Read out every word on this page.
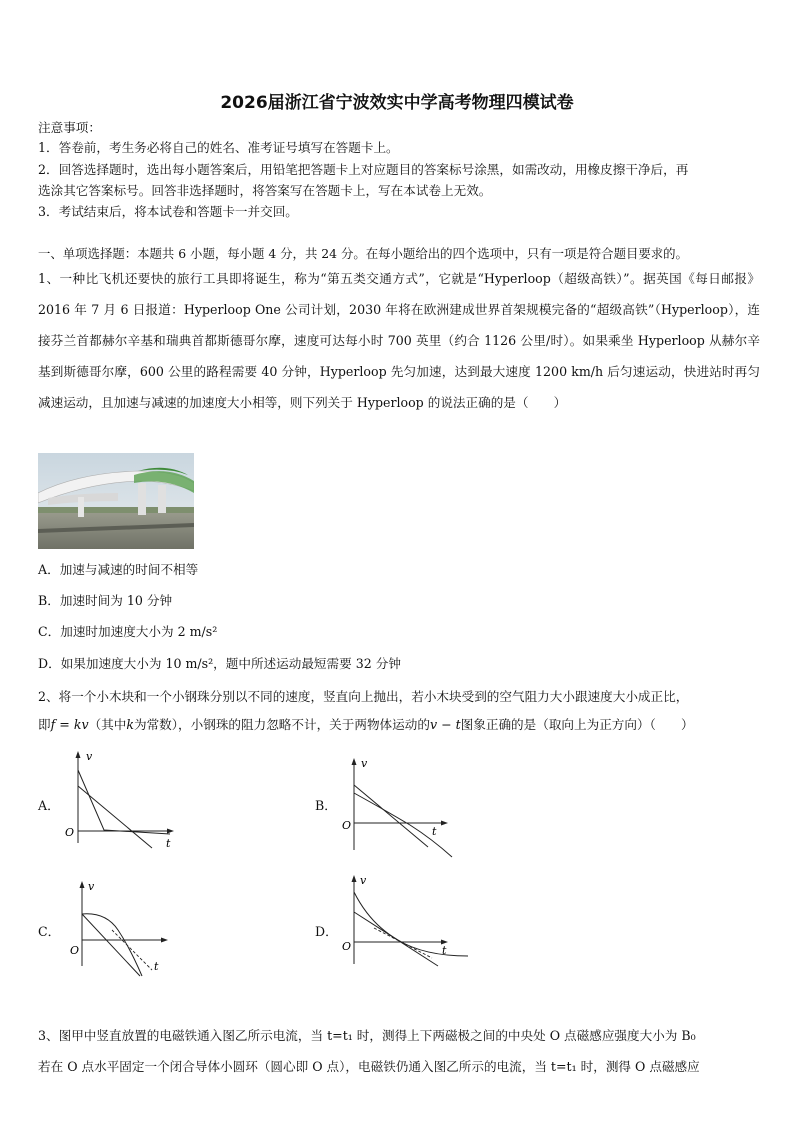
2026届浙江省宁波效实中学高考物理四模试卷
注意事项：
1．答卷前，考生务必将自己的姓名、准考证号填写在答题卡上。
2．回答选择题时，选出每小题答案后，用铅笔把答题卡上对应题目的答案标号涂黑，如需改动，用橡皮擦干净后，再
选涂其它答案标号。回答非选择题时，将答案写在答题卡上，写在本试卷上无效。
3．考试结束后，将本试卷和答题卡一并交回。
一、单项选择题：本题共 6 小题，每小题 4 分，共 24 分。在每小题给出的四个选项中，只有一项是符合题目要求的。
1、一种比飞机还要快的旅行工具即将诞生，称为“第五类交通方式”，它就是“Hyperloop（超级高铁）”。据英国《每日邮报》2016 年 7 月 6 日报道：Hyperloop One 公司计划，2030 年将在欧洲建成世界首架规模完备的“超级高铁”（Hyperloop），连接芬兰首都赫尔辛基和瑞典首都斯德哥尔摩，速度可达每小时 700 英里（约合 1126 公里/时）。如果乘坐 Hyperloop 从赫尔辛基到斯德哥尔摩，600 公里的路程需要 40 分钟，Hyperloop 先匀加速，达到最大速度 1200 km/h 后匀速运动，快进站时再匀减速运动，且加速与减速的加速度大小相等，则下列关于 Hyperloop 的说法正确的是（　　）
A．加速与减速的时间不相等
B．加速时间为 10 分钟
C．加速时加速度大小为 2 m/s²
D．如果加速度大小为 10 m/s²，题中所述运动最短需要 32 分钟
2、将一个小木块和一个小钢珠分别以不同的速度，竖直向上抛出，若小木块受到的空气阻力大小跟速度大小成正比，
即f = kv（其中k为常数），小钢珠的阻力忽略不计，关于两物体运动的v − t图象正确的是（取向上为正方向）（　　）
A．
v
t
O
B．
v
t
O
C．
v
t
O
D．
v
t
O
3、图甲中竖直放置的电磁铁通入图乙所示电流，当 t=t₁ 时，测得上下两磁极之间的中央处 O 点磁感应强度大小为 B₀
若在 O 点水平固定一个闭合导体小圆环（圆心即 O 点），电磁铁仍通入图乙所示的电流，当 t=t₁ 时，测得 O 点磁感应
